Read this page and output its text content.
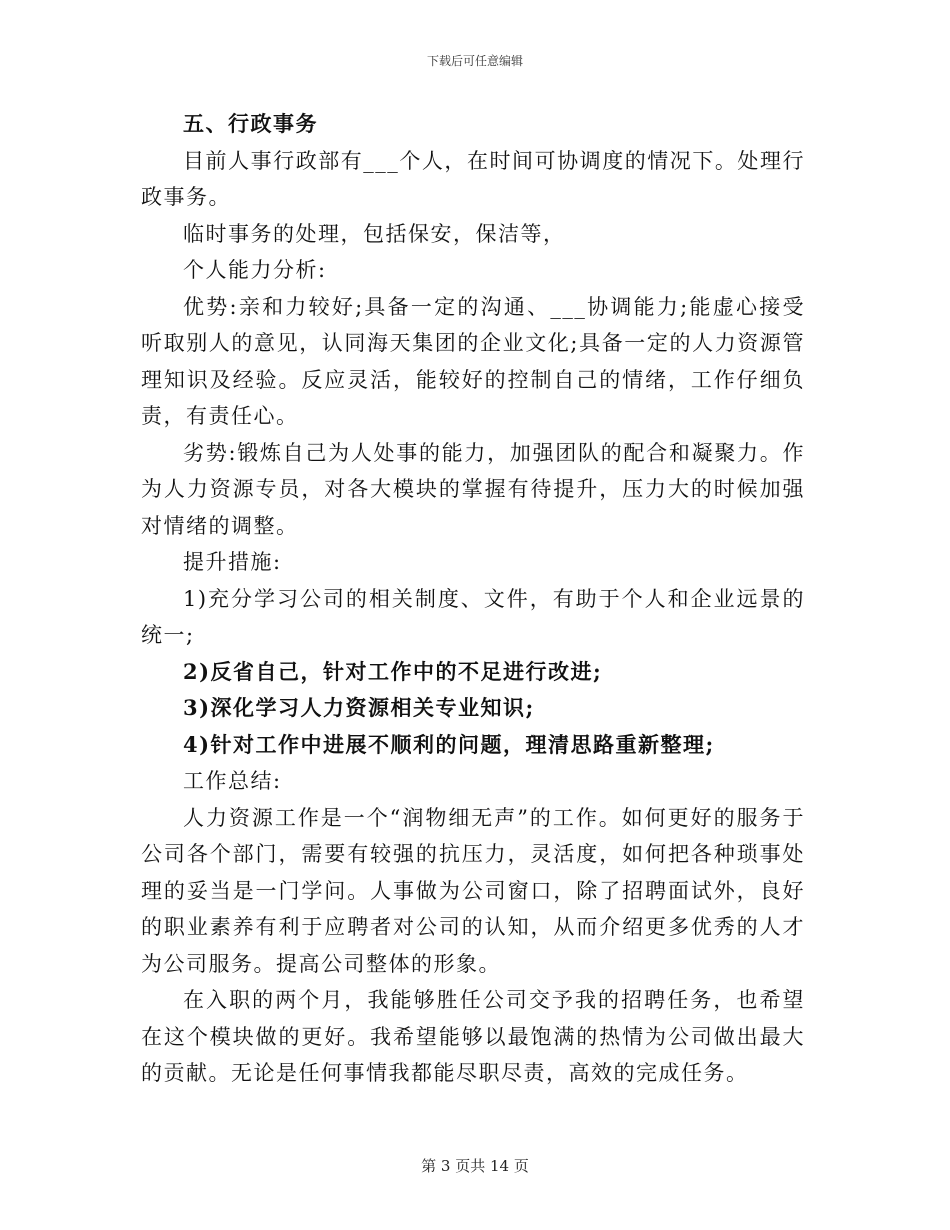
下载后可任意编辑

五、行政事务

目前人事行政部有___个人，在时间可协调度的情况下。处理行政事务。

临时事务的处理，包括保安，保洁等，

个人能力分析:

优势:亲和力较好;具备一定的沟通、___协调能力;能虚心接受听取别人的意见，认同海天集团的企业文化;具备一定的人力资源管理知识及经验。反应灵活，能较好的控制自己的情绪，工作仔细负责，有责任心。

劣势:锻炼自己为人处事的能力，加强团队的配合和凝聚力。作为人力资源专员，对各大模块的掌握有待提升，压力大的时候加强对情绪的调整。

提升措施:

1)充分学习公司的相关制度、文件，有助于个人和企业远景的统一;

2)反省自己，针对工作中的不足进行改进;

3)深化学习人力资源相关专业知识;

4)针对工作中进展不顺利的问题，理清思路重新整理;

工作总结:

人力资源工作是一个“润物细无声”的工作。如何更好的服务于公司各个部门，需要有较强的抗压力，灵活度，如何把各种琐事处理的妥当是一门学问。人事做为公司窗口，除了招聘面试外，良好的职业素养有利于应聘者对公司的认知，从而介绍更多优秀的人才为公司服务。提高公司整体的形象。

在入职的两个月，我能够胜任公司交予我的招聘任务，也希望在这个模块做的更好。我希望能够以最饱满的热情为公司做出最大的贡献。无论是任何事情我都能尽职尽责，高效的完成任务。

第 3 页共 14 页
